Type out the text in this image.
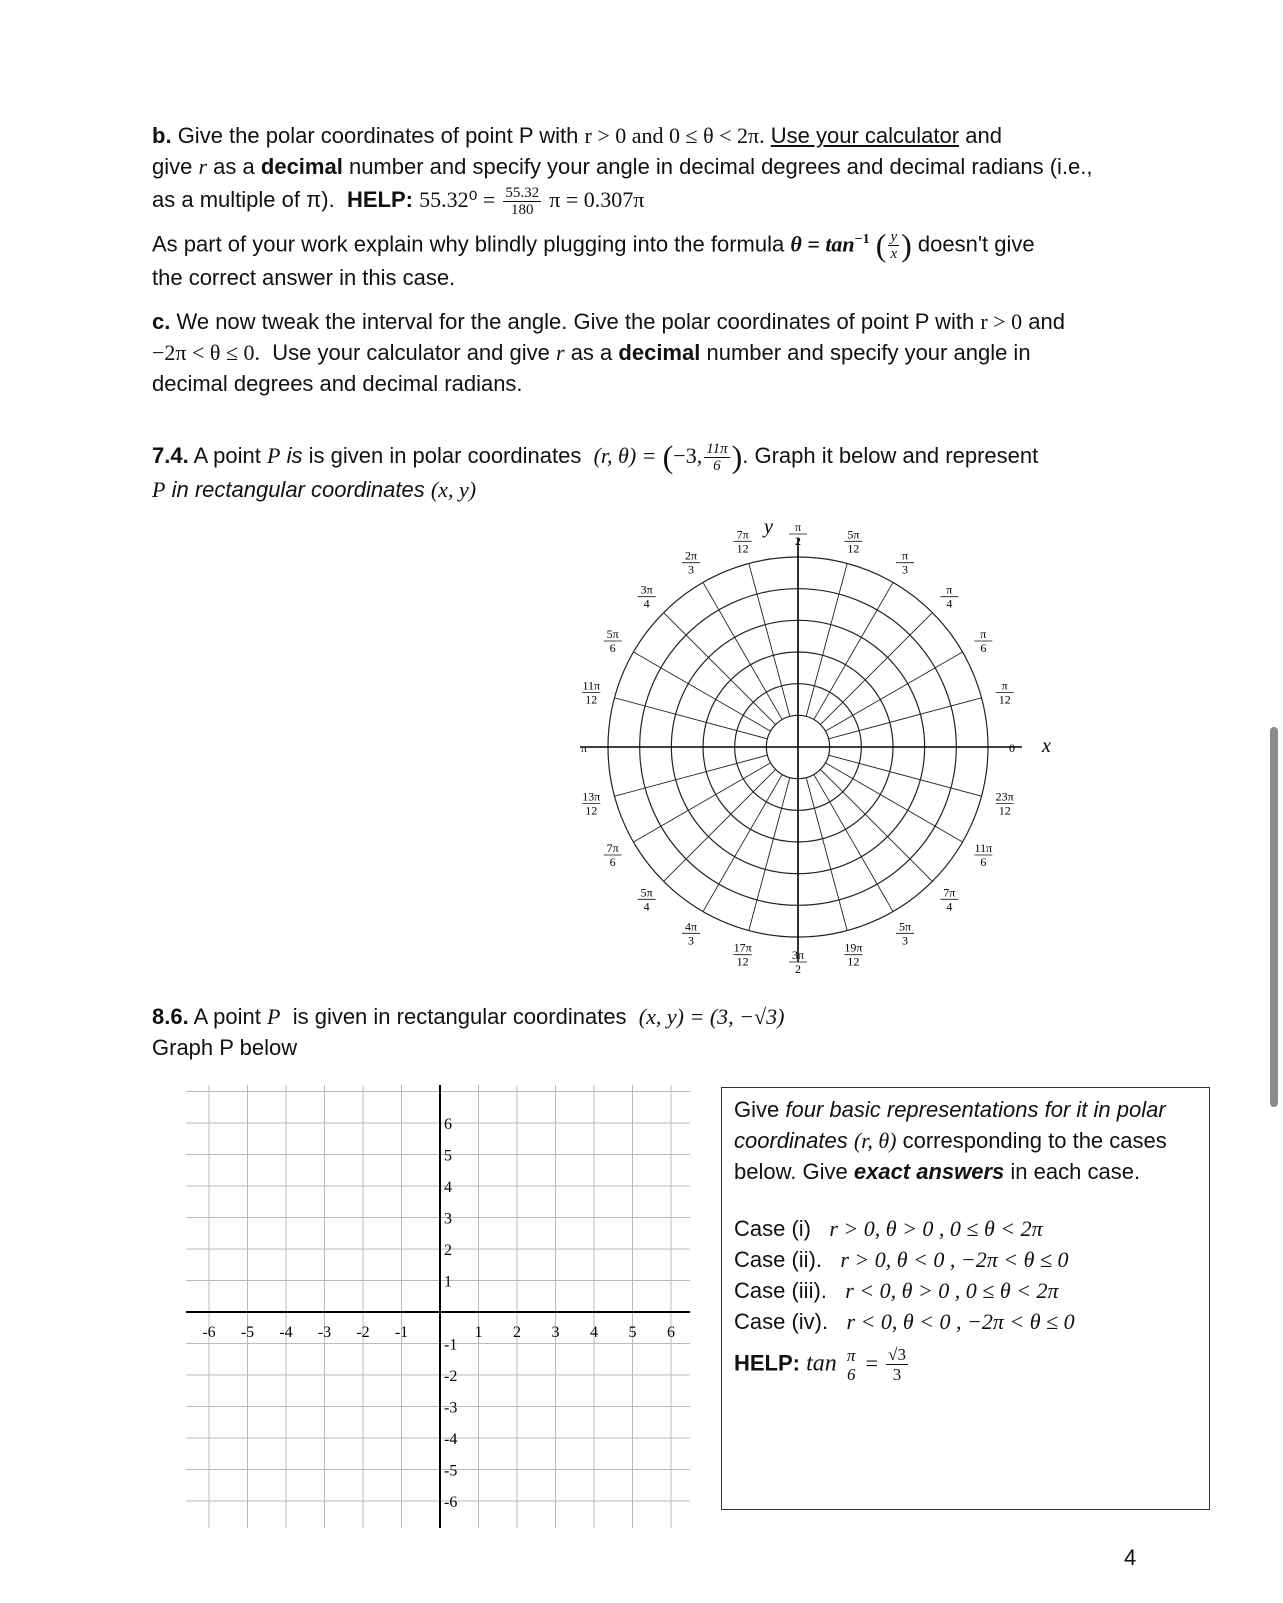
b. Give the polar coordinates of point P with r > 0 and 0 ≤ θ < 2π. Use your calculator and
give r as a decimal number and specify your angle in decimal degrees and decimal radians (i.e.,
as a multiple of π). HELP: $55.32^0 = \frac{55.32}{180}$ π = 0.307π
As part of your work explain why blindly plugging into the formula $\theta = \tan^{-1}$ ( $\frac{y}{x}$ ) doesn't give
the correct answer in this case.
c. We now tweak the interval for the angle. Give the polar coordinates of point P with r > 0 and
−2π < θ ≤ 0. Use your calculator and give r as a decimal number and specify your angle in
decimal degrees and decimal radians.
7.4. A point P is is given in polar coordinates (r, θ) = (−3, $\frac{11\pi}{6}$ ). Graph it below and represent
P in rectangular coordinates (x, y)
π
12
π
6
π
4
π
3
5π
12
π
2
7π
12
2π
3
3π
4
5π
6
11π
12
π
13π
12
7π
6
5π
4
4π
3
17π
12	3π
2
19π
12
5π
3
7π
4
11π
6
23π
12
0 x
y
8.6. A point P is given in rectangular coordinates (x, y) = (3, −√3)
Graph P below
-6 -5 -4 -3 -2 -1	1 2 3 4 5 6
6
5
4
3
2
1
-1
-2
-3
-4
-5
-6
Give four basic representations for it in polar
coordinates (r, θ) corresponding to the cases
below. Give exact answers in each case.
Case (i) r > 0, θ > 0 , 0 ≤ θ < 2π
Case (ii). r > 0, θ < 0 , −2π < θ ≤ 0
Case (iii). r < 0, θ > 0 , 0 ≤ θ < 2π
Case (iv). r < 0, θ < 0 , −2π < θ ≤ 0
HELP: tan π
$6 = \frac{√3}{3}$
4
